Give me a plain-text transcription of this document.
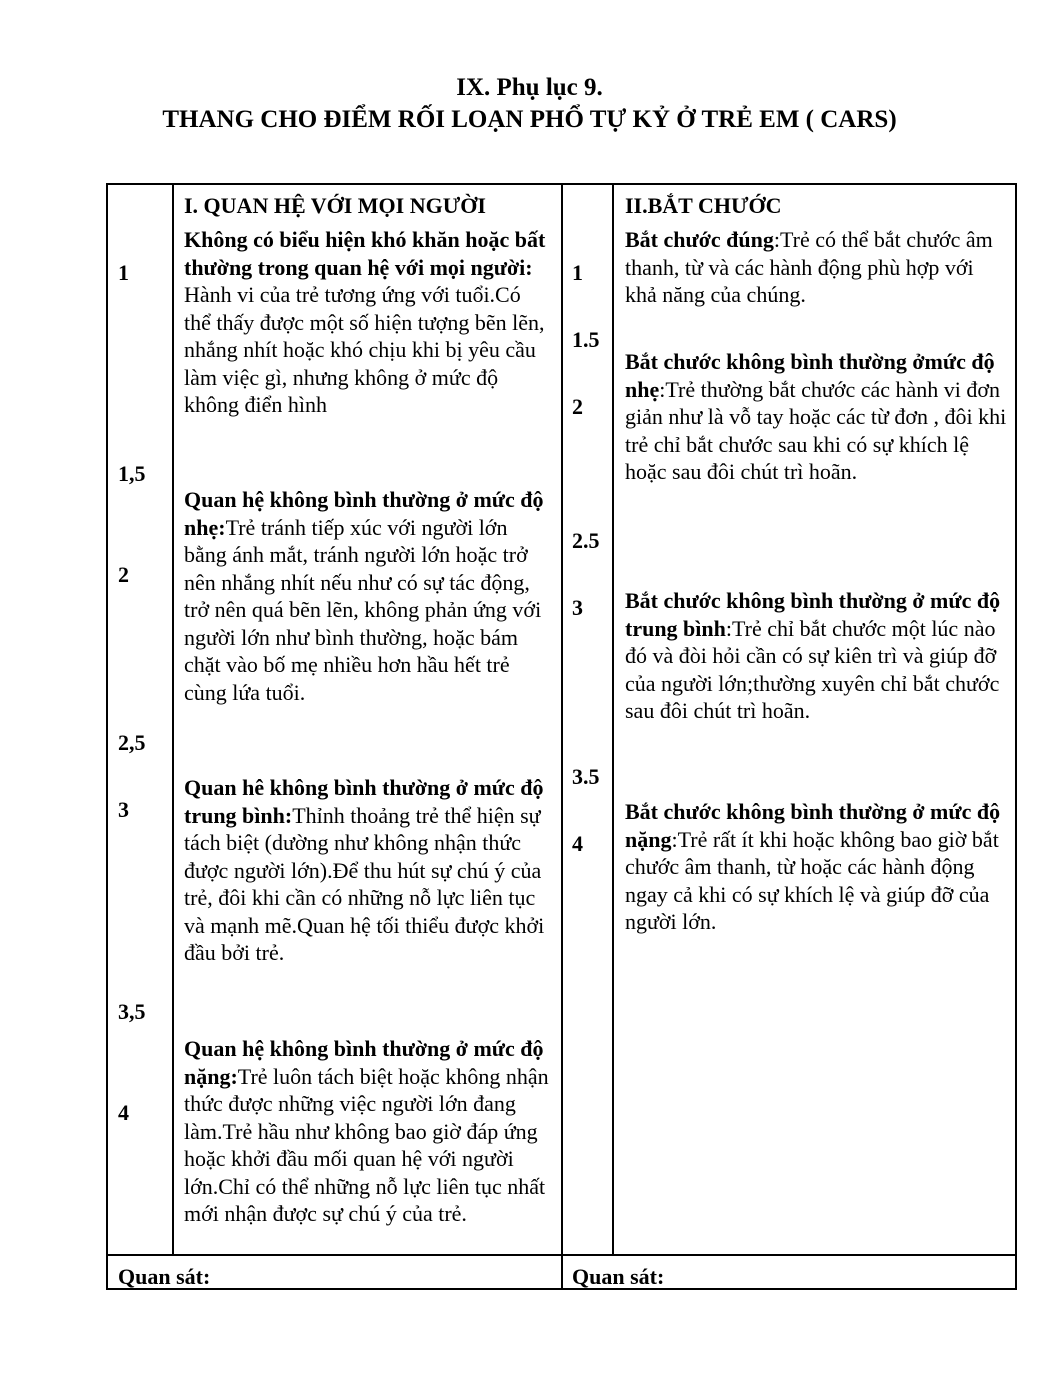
IX. Phụ lục 9.
THANG CHO ĐIỂM RỐI LOẠN PHỔ TỰ KỶ Ở TRẺ EM ( CARS)
I. QUAN HỆ VỚI MỌI NGƯỜI
1
1,5
2
2,5
3
3,5
4
Không có biểu hiện khó khăn hoặc bất thường trong quan hệ với mọi người: Hành vi của trẻ tương ứng với tuổi.Có thể thấy được một số hiện tượng bẽn lẽn, nhắng nhít hoặc khó chịu khi bị yêu cầu làm việc gì, nhưng không ở mức độ không điển hình
Quan hệ không bình thường ở mức độ nhẹ:Trẻ tránh tiếp xúc với người lớn bằng ánh mắt, tránh người lớn hoặc trở nên nhắng nhít nếu như có sự tác động, trở nên quá bẽn lẽn, không phản ứng với người lớn như bình thường, hoặc bám chặt vào bố mẹ nhiều hơn hầu hết trẻ cùng lứa tuổi.
Quan hê không bình thường ở mức độ trung bình:Thỉnh thoảng trẻ thể hiện sự tách biệt (dường như không nhận thức được người lớn).Để thu hút sự chú ý của trẻ, đôi khi cần có những nỗ lực liên tục và mạnh mẽ.Quan hệ tối thiểu được khởi đầu bởi trẻ.
Quan hệ không bình thường ở mức độ nặng:Trẻ luôn tách biệt hoặc không nhận thức được những việc người lớn đang làm.Trẻ hầu như không bao giờ đáp ứng hoặc khởi đầu mối quan hệ với người lớn.Chỉ có thể những nỗ lực liên tục nhất mới nhận được sự chú ý của trẻ.
Quan sát:
II.BẮT CHƯỚC
1
1.5
2
2.5
3
3.5
4
Bắt chước đúng:Trẻ có thể bắt chước âm thanh, từ và các hành động phù hợp với khả năng của chúng.
Bắt chước không bình thường ởmức độ nhẹ:Trẻ thường bắt chước các hành vi đơn giản như là vỗ tay hoặc các từ đơn , đôi khi trẻ chỉ bắt chước sau khi có sự khích lệ hoặc sau đôi chút trì hoãn.
Bắt chước không bình thường ở mức độ trung bình:Trẻ chỉ bắt chước một lúc nào đó và đòi hỏi cần có sự kiên trì và giúp đỡ của người lớn;thường xuyên chỉ bắt chước sau đôi chút trì hoãn.
Bắt chước không bình thường ở mức độ nặng:Trẻ rất ít khi hoặc không bao giờ bắt chước âm thanh, từ hoặc các hành động ngay cả khi có sự khích lệ và giúp đỡ của người lớn.
Quan sát:
